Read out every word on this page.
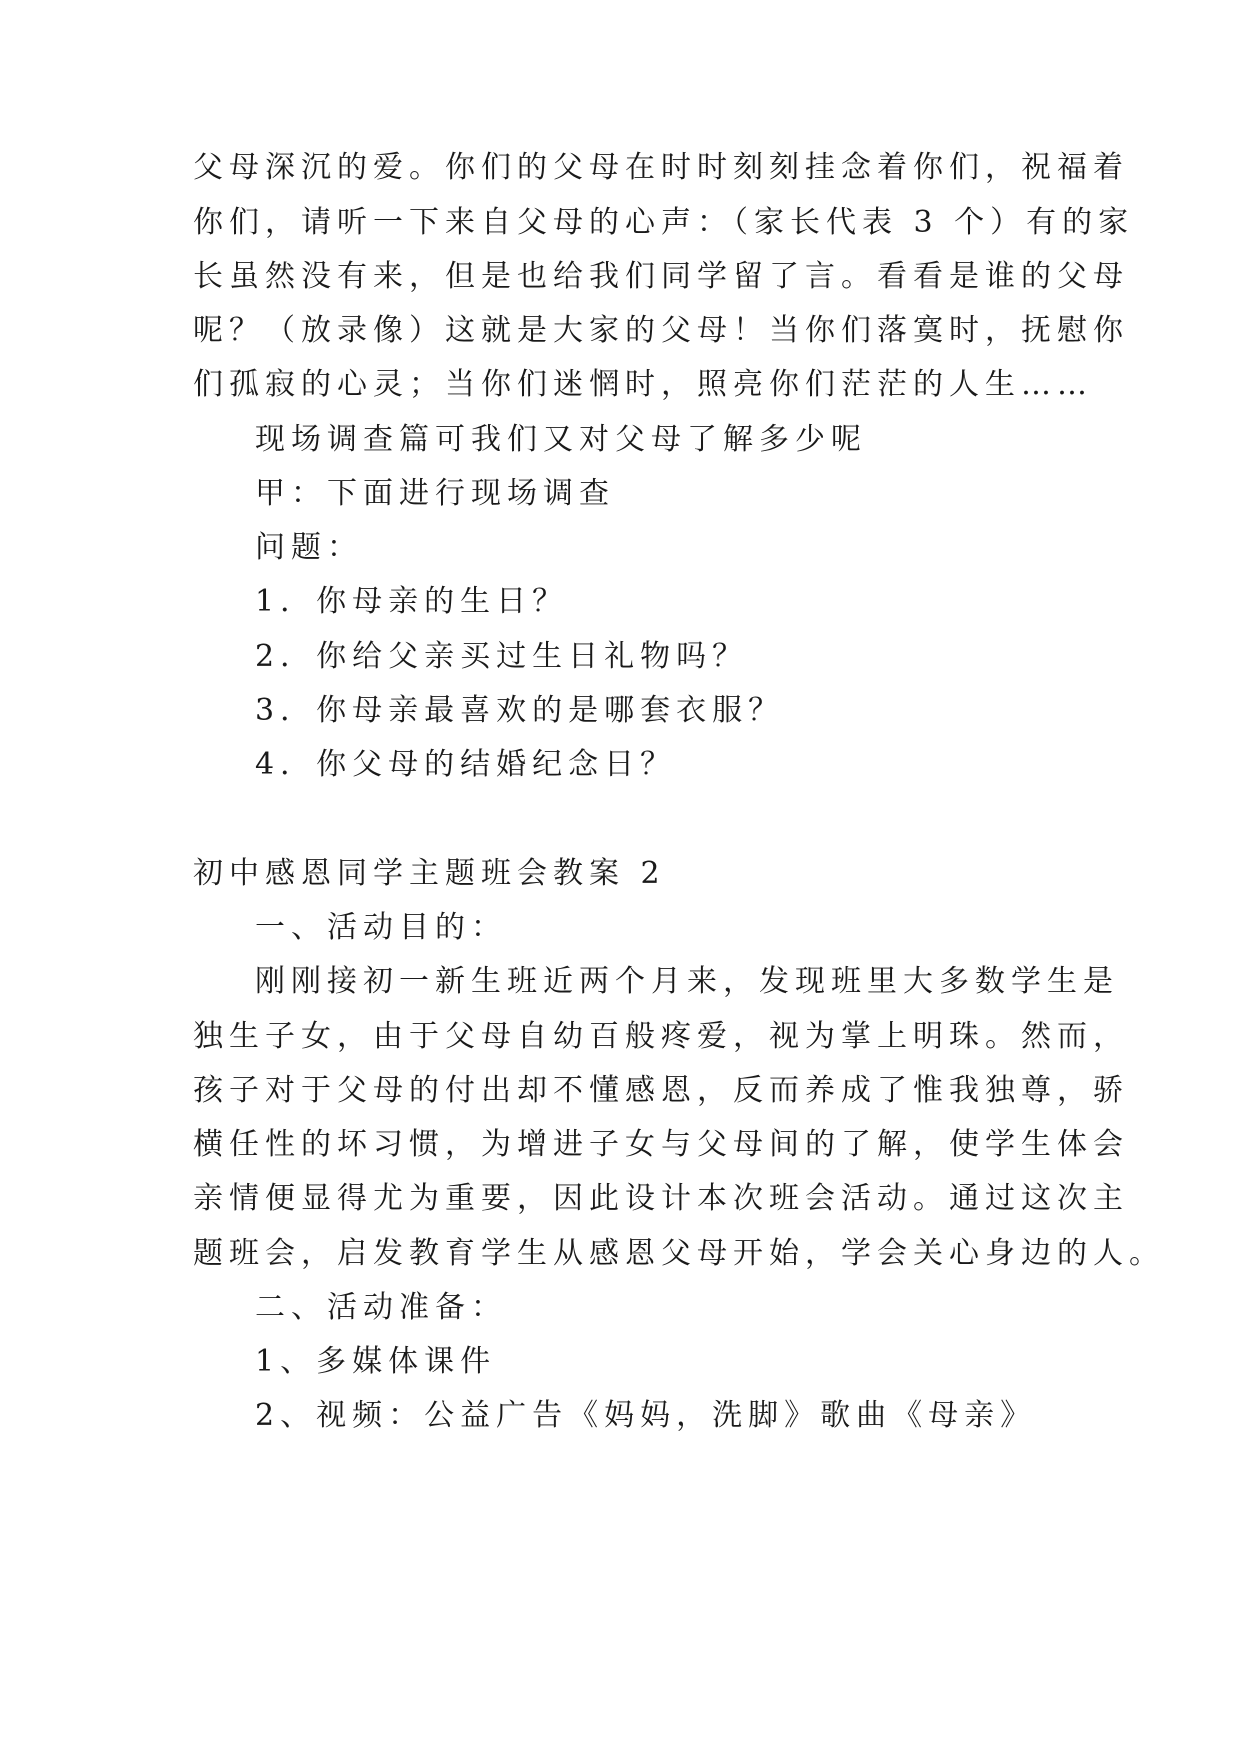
父母深沉的爱。你们的父母在时时刻刻挂念着你们，祝福着
你们，请听一下来自父母的心声：（家长代表 3 个）有的家
长虽然没有来，但是也给我们同学留了言。看看是谁的父母
呢？（放录像）这就是大家的父母！当你们落寞时，抚慰你
们孤寂的心灵；当你们迷惘时，照亮你们茫茫的人生……
现场调查篇可我们又对父母了解多少呢
甲：下面进行现场调查
问题：
1．你母亲的生日？
2．你给父亲买过生日礼物吗？
3．你母亲最喜欢的是哪套衣服？
4．你父母的结婚纪念日？
初中感恩同学主题班会教案 2
一、活动目的：
刚刚接初一新生班近两个月来，发现班里大多数学生是
独生子女，由于父母自幼百般疼爱，视为掌上明珠。然而，
孩子对于父母的付出却不懂感恩，反而养成了惟我独尊，骄
横任性的坏习惯，为增进子女与父母间的了解，使学生体会
亲情便显得尤为重要，因此设计本次班会活动。通过这次主
题班会，启发教育学生从感恩父母开始，学会关心身边的人。
二、活动准备：
1、多媒体课件
2、视频：公益广告《妈妈，洗脚》歌曲《母亲》
